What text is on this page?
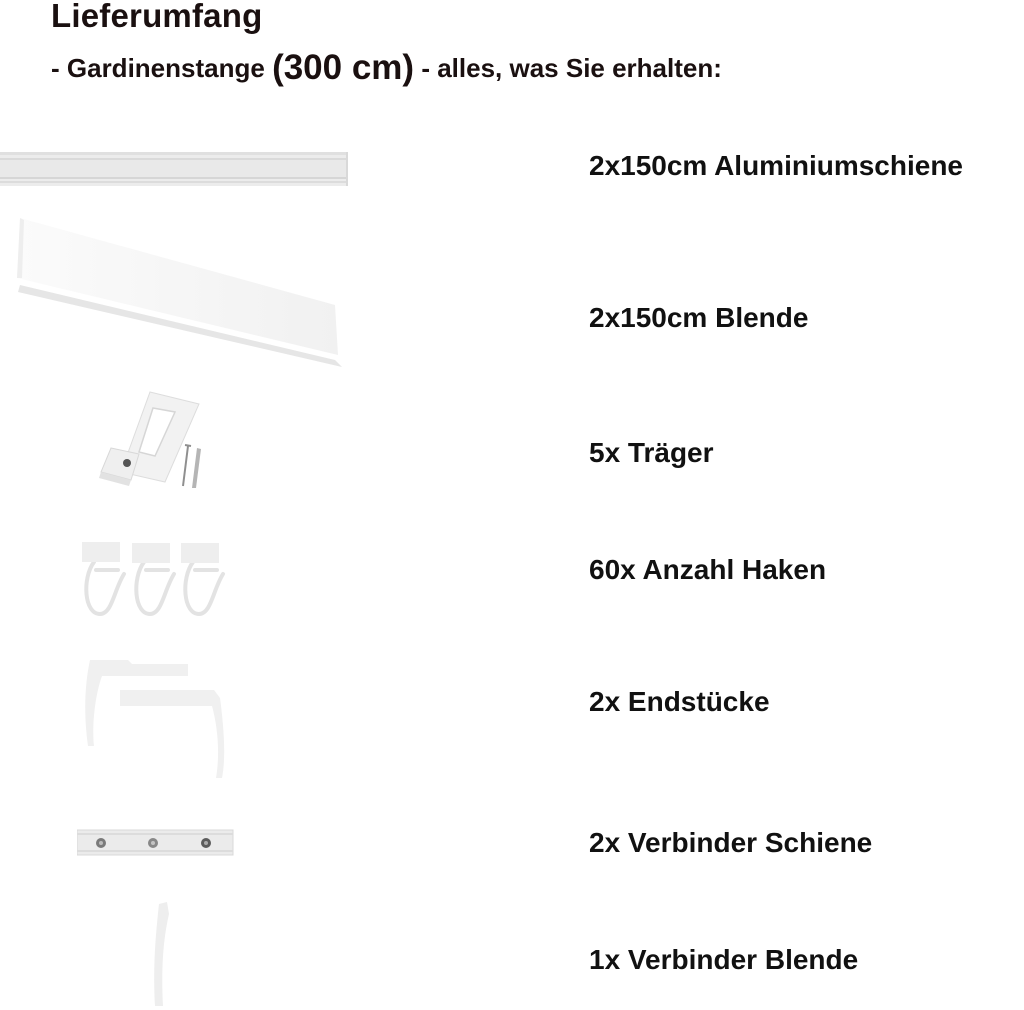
Lieferumfang
- Gardinenstange (300 cm) - alles, was Sie erhalten:
2x150cm Aluminiumschiene
2x150cm Blende
5x Träger
60x Anzahl Haken
2x Endstücke
2x Verbinder Schiene
1x Verbinder Blende
